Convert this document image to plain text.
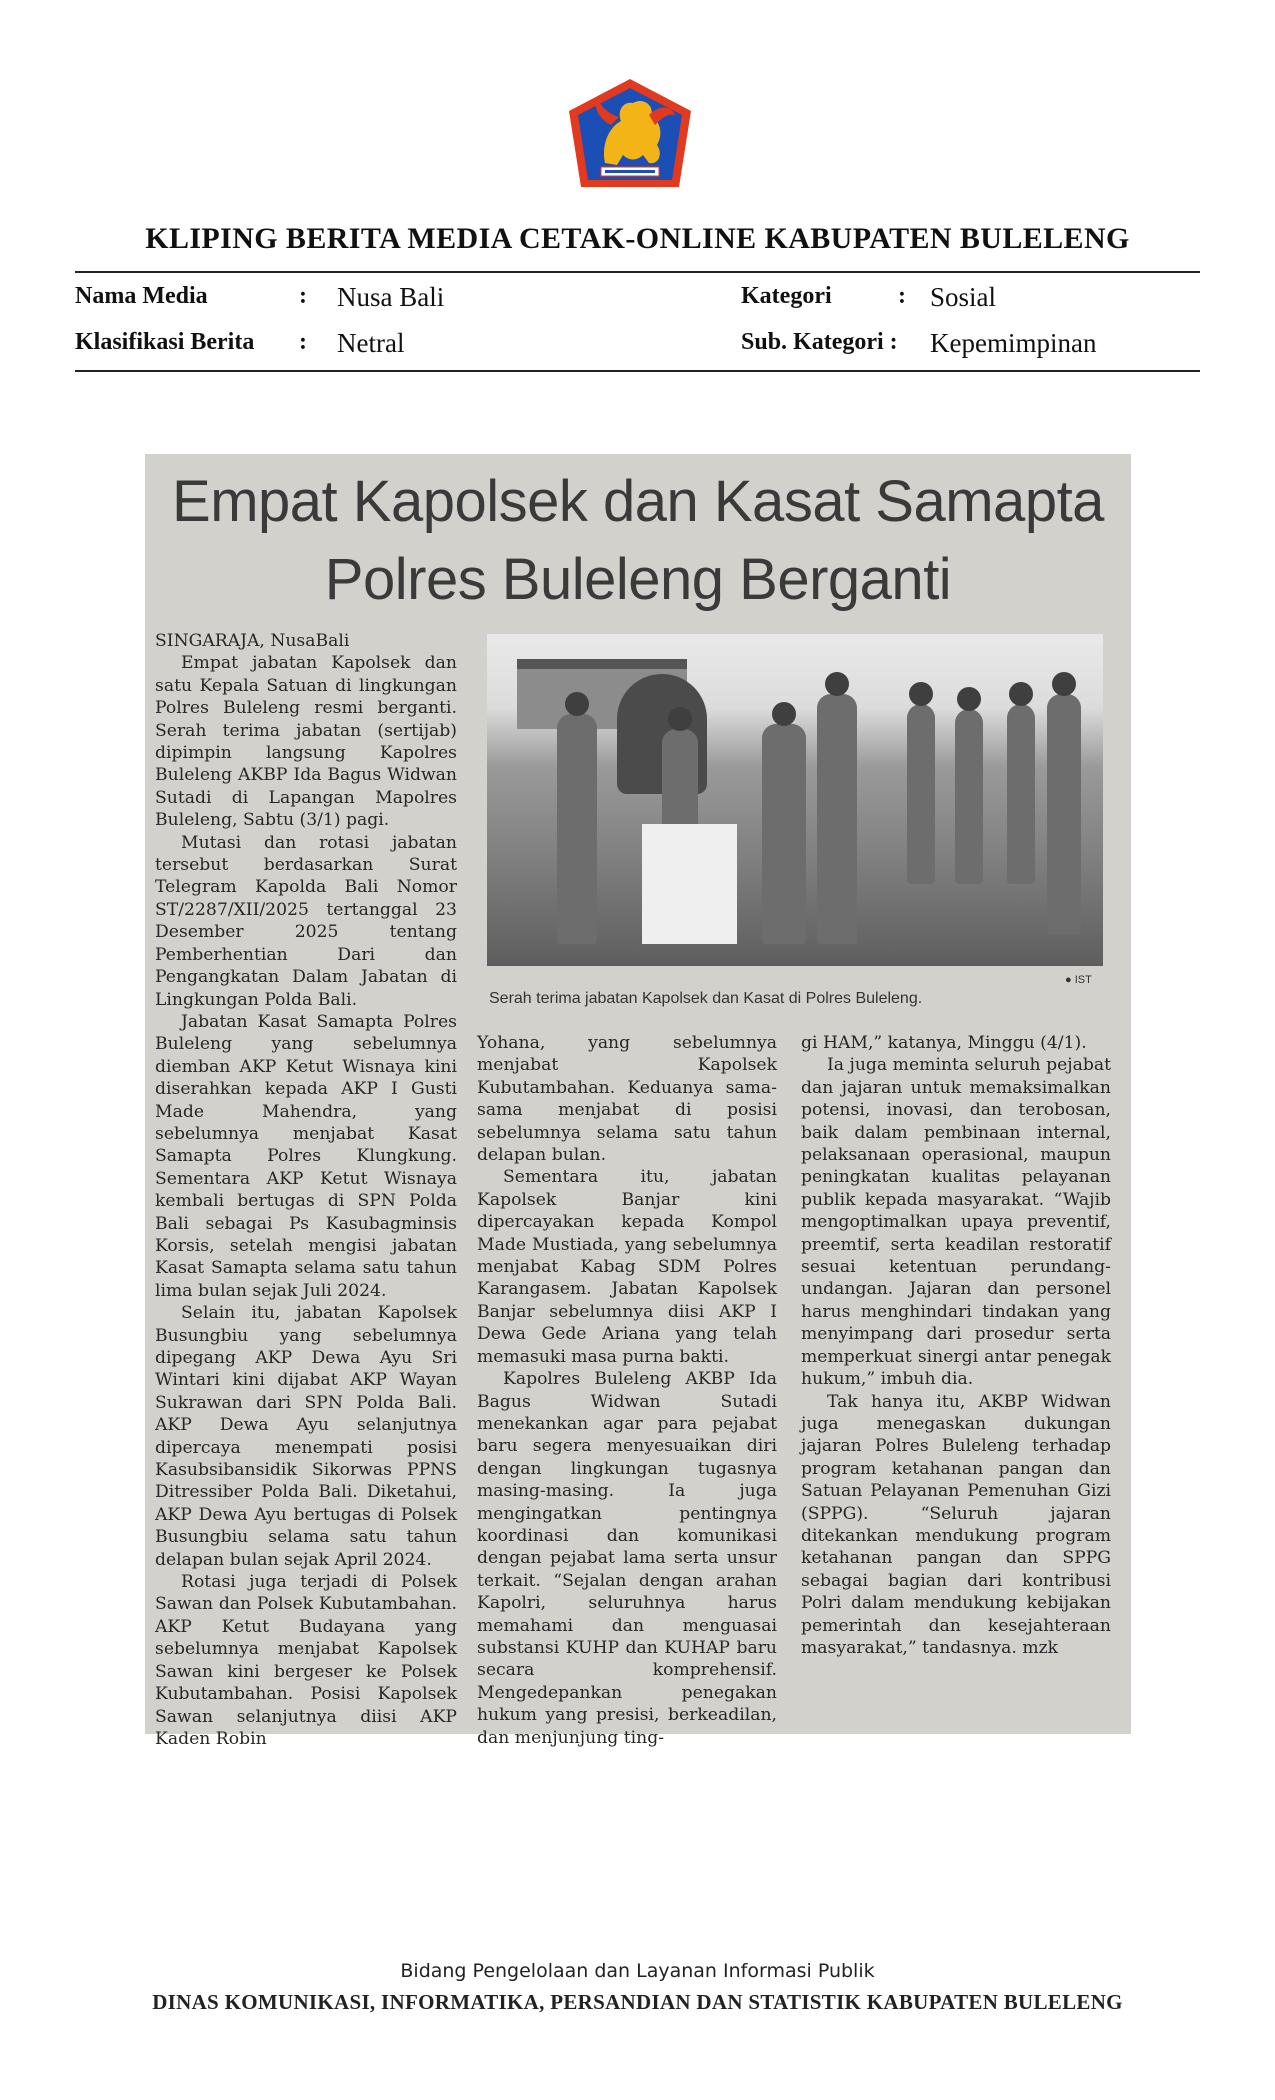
KLIPING BERITA MEDIA CETAK-ONLINE KABUPATEN BULELENG
Nama Media	: Nusa Bali	Kategori	: Sosial
Klasifikasi Berita : Netral	Sub. Kategori : Kepemimpinan
Empat Kapolsek dan Kasat Samapta
Polres Buleleng Berganti

SINGARAJA, NusaBali

Empat jabatan Kapolsek dan satu Kepala Satuan di lingkungan Polres Buleleng resmi berganti. Serah terima jabatan (sertijab) dipimpin langsung Kapolres Buleleng AKBP Ida Bagus Widwan Sutadi di Lapangan Mapolres Buleleng, Sabtu (3/1) pagi.

Mutasi dan rotasi jabatan tersebut berdasarkan Surat Telegram Kapolda Bali Nomor ST/2287/XII/2025 tertanggal 23 Desember 2025 tentang Pemberhentian Dari dan Pengangkatan Dalam Jabatan di Lingkungan Polda Bali.

Jabatan Kasat Samapta Polres Buleleng yang sebelumnya diemban AKP Ketut Wisnaya kini diserahkan kepada AKP I Gusti Made Mahendra, yang sebelumnya menjabat Kasat Samapta Polres Klungkung. Sementara AKP Ketut Wisnaya kembali bertugas di SPN Polda Bali sebagai Ps Kasubagminsis Korsis, setelah mengisi jabatan Kasat Samapta selama satu tahun lima bulan sejak Juli 2024.

Selain itu, jabatan Kapolsek Busungbiu yang sebelumnya dipegang AKP Dewa Ayu Sri Wintari kini dijabat AKP Wayan Sukrawan dari SPN Polda Bali. AKP Dewa Ayu selanjutnya dipercaya menempati posisi Kasubsibansidik Sikorwas PPNS Ditressiber Polda Bali. Diketahui, AKP Dewa Ayu bertugas di Polsek Busungbiu selama satu tahun delapan bulan sejak April 2024.

Rotasi juga terjadi di Polsek Sawan dan Polsek Kubutambahan. AKP Ketut Budayana yang sebelumnya menjabat Kapolsek Sawan kini bergeser ke Polsek Kubutambahan. Posisi Kapolsek Sawan selanjutnya diisi AKP Kaden Robin

● IST
Serah terima jabatan Kapolsek dan Kasat di Polres Buleleng.

Yohana, yang sebelumnya menjabat Kapolsek Kubutambahan. Keduanya sama-sama menjabat di posisi sebelumnya selama satu tahun delapan bulan.

Sementara itu, jabatan Kapolsek Banjar kini dipercayakan kepada Kompol Made Mustiada, yang sebelumnya menjabat Kabag SDM Polres Karangasem. Jabatan Kapolsek Banjar sebelumnya diisi AKP I Dewa Gede Ariana yang telah memasuki masa purna bakti.

Kapolres Buleleng AKBP Ida Bagus Widwan Sutadi menekankan agar para pejabat baru segera menyesuaikan diri dengan lingkungan tugasnya masing-masing. Ia juga mengingatkan pentingnya koordinasi dan komunikasi dengan pejabat lama serta unsur terkait. “Sejalan dengan arahan Kapolri, seluruhnya harus memahami dan menguasai substansi KUHP dan KUHAP baru secara komprehensif. Mengedepankan penegakan hukum yang presisi, berkeadilan, dan menjunjung ting-

gi HAM,” katanya, Minggu (4/1).

Ia juga meminta seluruh pejabat dan jajaran untuk memaksimalkan potensi, inovasi, dan terobosan, baik dalam pembinaan internal, pelaksanaan operasional, maupun peningkatan kualitas pelayanan publik kepada masyarakat. “Wajib mengoptimalkan upaya preventif, preemtif, serta keadilan restoratif sesuai ketentuan perundang-undangan. Jajaran dan personel harus menghindari tindakan yang menyimpang dari prosedur serta memperkuat sinergi antar penegak hukum,” imbuh dia.

Tak hanya itu, AKBP Widwan juga menegaskan dukungan jajaran Polres Buleleng terhadap program ketahanan pangan dan Satuan Pelayanan Pemenuhan Gizi (SPPG). “Seluruh jajaran ditekankan mendukung program ketahanan pangan dan SPPG sebagai bagian dari kontribusi Polri dalam mendukung kebijakan pemerintah dan kesejahteraan masyarakat,” tandasnya. mzk

Bidang Pengelolaan dan Layanan Informasi Publik
DINAS KOMUNIKASI, INFORMATIKA, PERSANDIAN DAN STATISTIK KABUPATEN BULELENG
